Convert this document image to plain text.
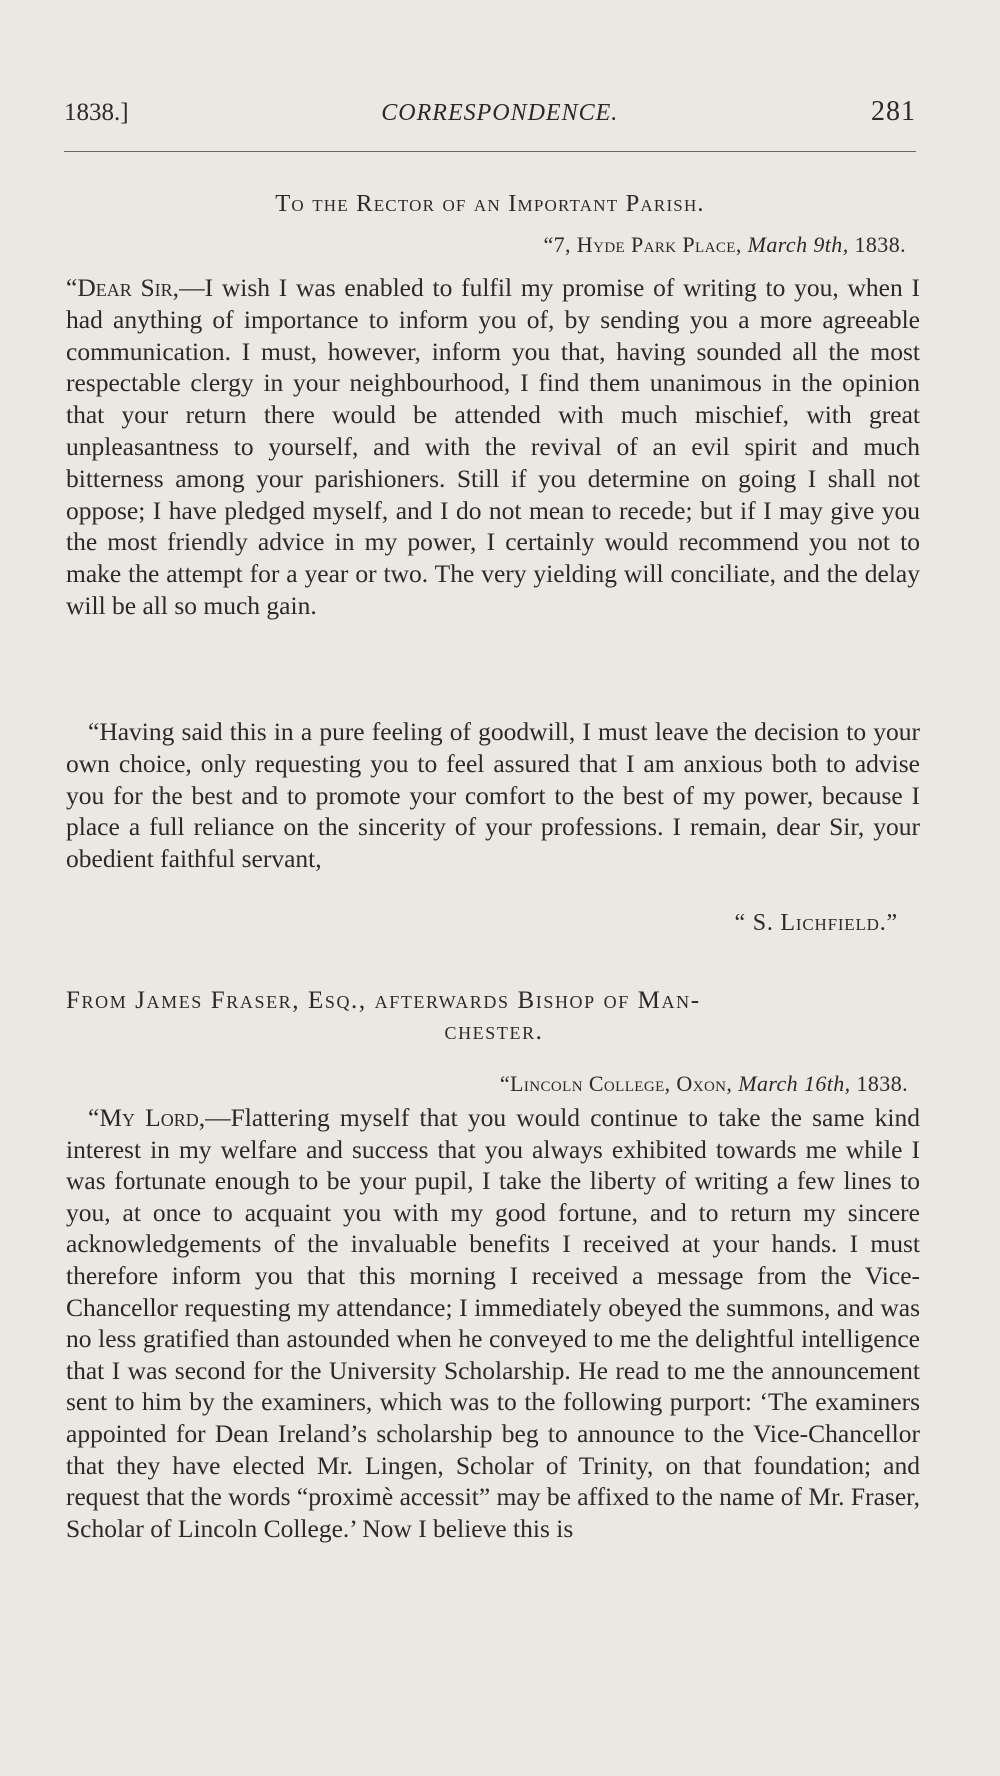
1838.]	CORRESPONDENCE.	281
To the Rector of an Important Parish.
“7, Hyde Park Place, March 9th, 1838.

“Dear Sir,—I wish I was enabled to fulfil my promise of writing to you, when I had anything of importance to inform you of, by sending you a more agreeable communication. I must, however, inform you that, having sounded all the most respectable clergy in your neighbourhood, I find them unanimous in the opinion that your return there would be attended with much mischief, with great unpleasantness to yourself, and with the revival of an evil spirit and much bitterness among your parishioners. Still if you determine on going I shall not oppose; I have pledged myself, and I do not mean to recede; but if I may give you the most friendly advice in my power, I certainly would recommend you not to make the attempt for a year or two. The very yielding will conciliate, and the delay will be all so much gain.

“Having said this in a pure feeling of goodwill, I must leave the decision to your own choice, only requesting you to feel assured that I am anxious both to advise you for the best and to promote your comfort to the best of my power, because I place a full reliance on the sincerity of your professions. I remain, dear Sir, your obedient faithful servant,

“ S. Lichfield.”
From James Fraser, Esq., afterwards Bishop of Man-
chester.
“Lincoln College, Oxon, March 16th, 1838.

“My Lord,—Flattering myself that you would continue to take the same kind interest in my welfare and success that you always exhibited towards me while I was fortunate enough to be your pupil, I take the liberty of writing a few lines to you, at once to acquaint you with my good fortune, and to return my sincere acknowledgements of the invaluable benefits I received at your hands. I must therefore inform you that this morning I received a message from the Vice-Chancellor requesting my attendance; I immediately obeyed the summons, and was no less gratified than astounded when he conveyed to me the delightful intelligence that I was second for the University Scholarship. He read to me the announcement sent to him by the examiners, which was to the following purport: ‘The examiners appointed for Dean Ireland’s scholarship beg to announce to the Vice-Chancellor that they have elected Mr. Lingen, Scholar of Trinity, on that foundation; and request that the words “proximè accessit” may be affixed to the name of Mr. Fraser, Scholar of Lincoln College.’ Now I believe this is
